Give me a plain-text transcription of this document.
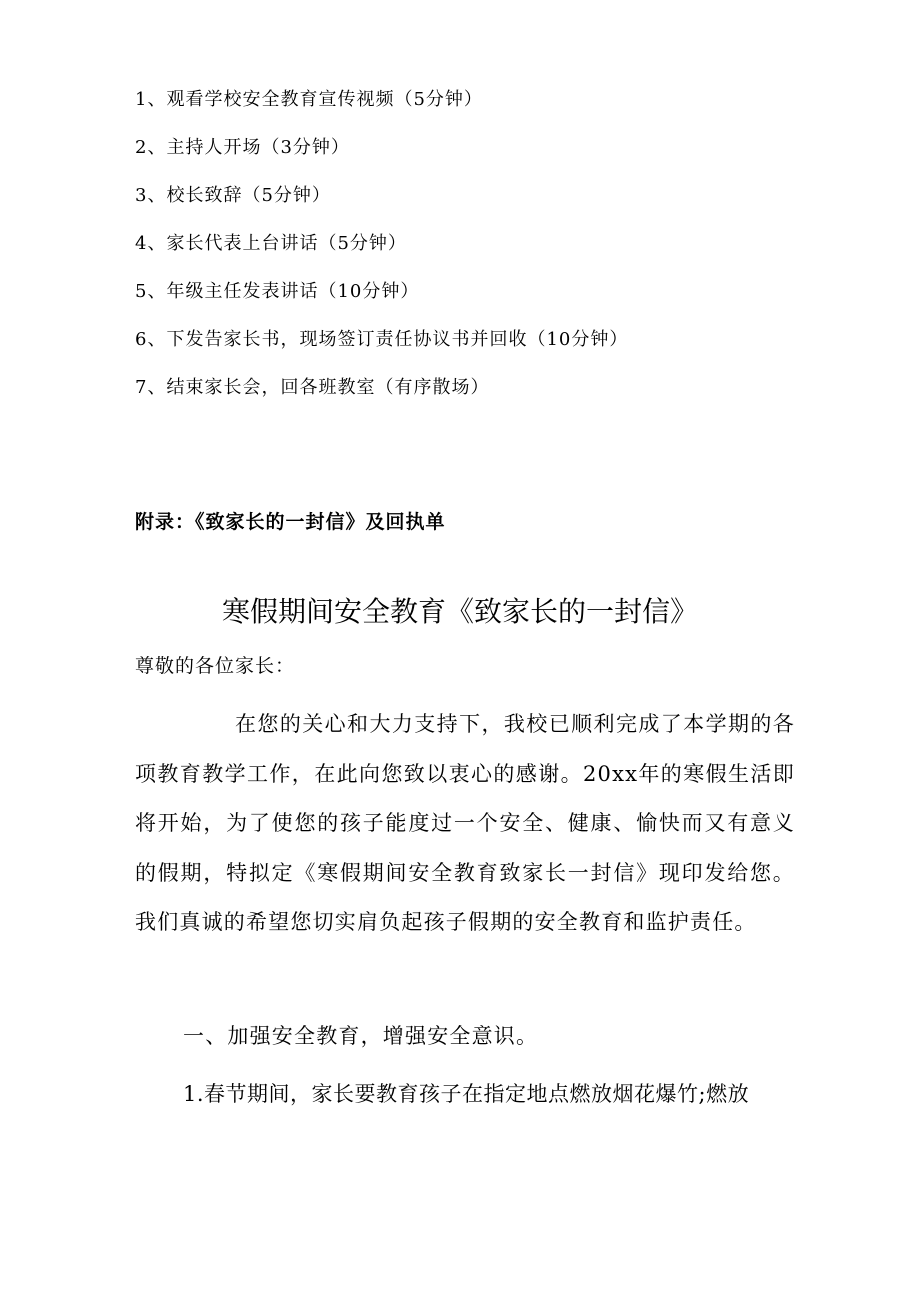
1、观看学校安全教育宣传视频（5分钟）
2、主持人开场（3分钟）
3、校长致辞（5分钟）
4、家长代表上台讲话（5分钟）
5、年级主任发表讲话（10分钟）
6、下发告家长书，现场签订责任协议书并回收（10分钟）
7、结束家长会，回各班教室（有序散场）
附录：《致家长的一封信》及回执单
寒假期间安全教育《致家长的一封信》
尊敬的各位家长：

在您的关心和大力支持下，我校已顺利完成了本学期的各项教育教学工作，在此向您致以衷心的感谢。20xx年的寒假生活即将开始，为了使您的孩子能度过一个安全、健康、愉快而又有意义的假期，特拟定《寒假期间安全教育致家长一封信》现印发给您。我们真诚的希望您切实肩负起孩子假期的安全教育和监护责任。

一、加强安全教育，增强安全意识。
1.春节期间，家长要教育孩子在指定地点燃放烟花爆竹;燃放
